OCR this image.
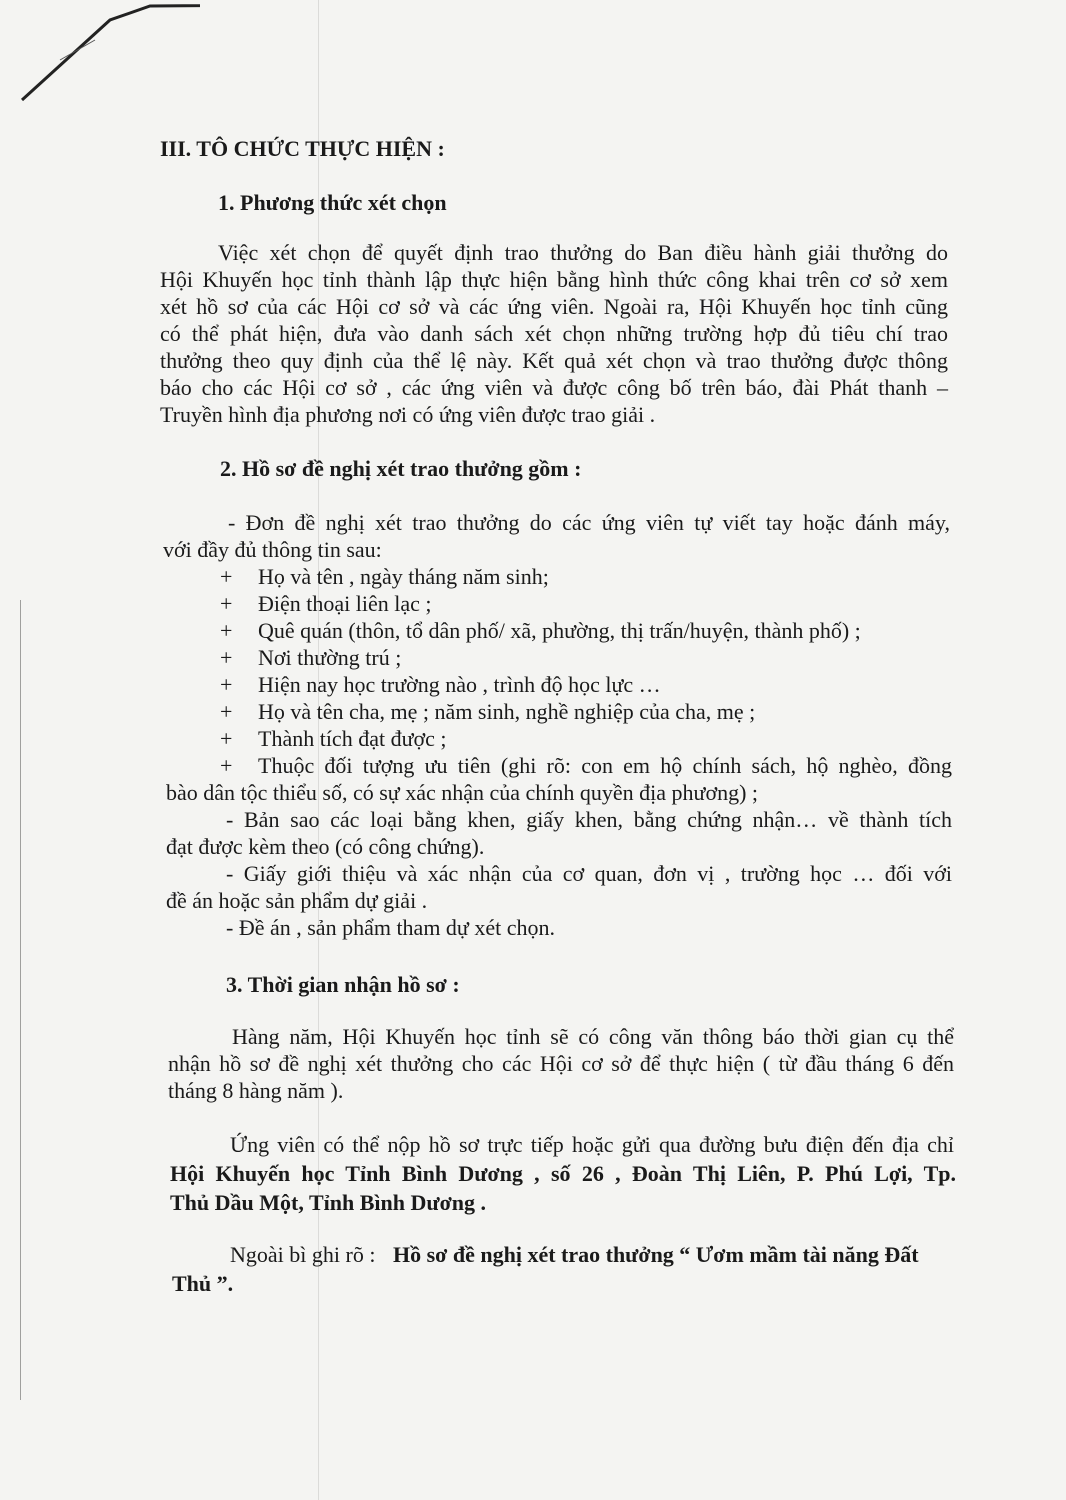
III. TÔ CHỨC THỰC HIỆN :
1. Phương thức xét chọn
Việc xét chọn để quyết định trao thưởng do Ban điều hành giải thưởng do
Hội Khuyến học tỉnh thành lập thực hiện bằng hình thức công khai trên cơ sở xem
xét hồ sơ của các Hội cơ sở và các ứng viên. Ngoài ra, Hội Khuyến học tỉnh cũng
có thể phát hiện, đưa vào danh sách xét chọn những trường hợp đủ tiêu chí trao
thưởng theo quy định của thể lệ này. Kết quả xét chọn và trao thưởng được thông
báo cho các Hội cơ sở , các ứng viên và được công bố trên báo, đài Phát thanh –
Truyền hình địa phương nơi có ứng viên được trao giải .
2. Hồ sơ đề nghị xét trao thưởng gồm :
- Đơn đề nghị xét trao thưởng do các ứng viên tự viết tay hoặc đánh máy,
với đầy đủ thông tin sau:
+ Họ và tên , ngày tháng năm sinh;
+ Điện thoại liên lạc ;
+ Quê quán (thôn, tổ dân phố/ xã, phường, thị trấn/huyện, thành phố) ;
+ Nơi thường trú ;
+ Hiện nay học trường nào , trình độ học lực …
+ Họ và tên cha, mẹ ; năm sinh, nghề nghiệp của cha, mẹ ;
+ Thành tích đạt được ;
+ Thuộc đối tượng ưu tiên (ghi rõ: con em hộ chính sách, hộ nghèo, đồng
bào dân tộc thiểu số, có sự xác nhận của chính quyền địa phương) ;
- Bản sao các loại bằng khen, giấy khen, bằng chứng nhận… về thành tích
đạt được kèm theo (có công chứng).
- Giấy giới thiệu và xác nhận của cơ quan, đơn vị , trường học … đối với
đề án hoặc sản phẩm dự giải .
- Đề án , sản phẩm tham dự xét chọn.
3. Thời gian nhận hồ sơ :
Hàng năm, Hội Khuyến học tỉnh sẽ có công văn thông báo thời gian cụ thể
nhận hồ sơ đề nghị xét thưởng cho các Hội cơ sở để thực hiện ( từ đầu tháng 6 đến
tháng 8 hàng năm ).
Ứng viên có thể nộp hồ sơ trực tiếp hoặc gửi qua đường bưu điện đến địa chỉ
Hội Khuyến học Tỉnh Bình Dương , số 26 , Đoàn Thị Liên, P. Phú Lợi, Tp.
Thủ Dầu Một, Tỉnh Bình Dương .
Ngoài bì ghi rõ : Hồ sơ đề nghị xét trao thưởng “ Ươm mầm tài năng Đất
Thủ ”.
